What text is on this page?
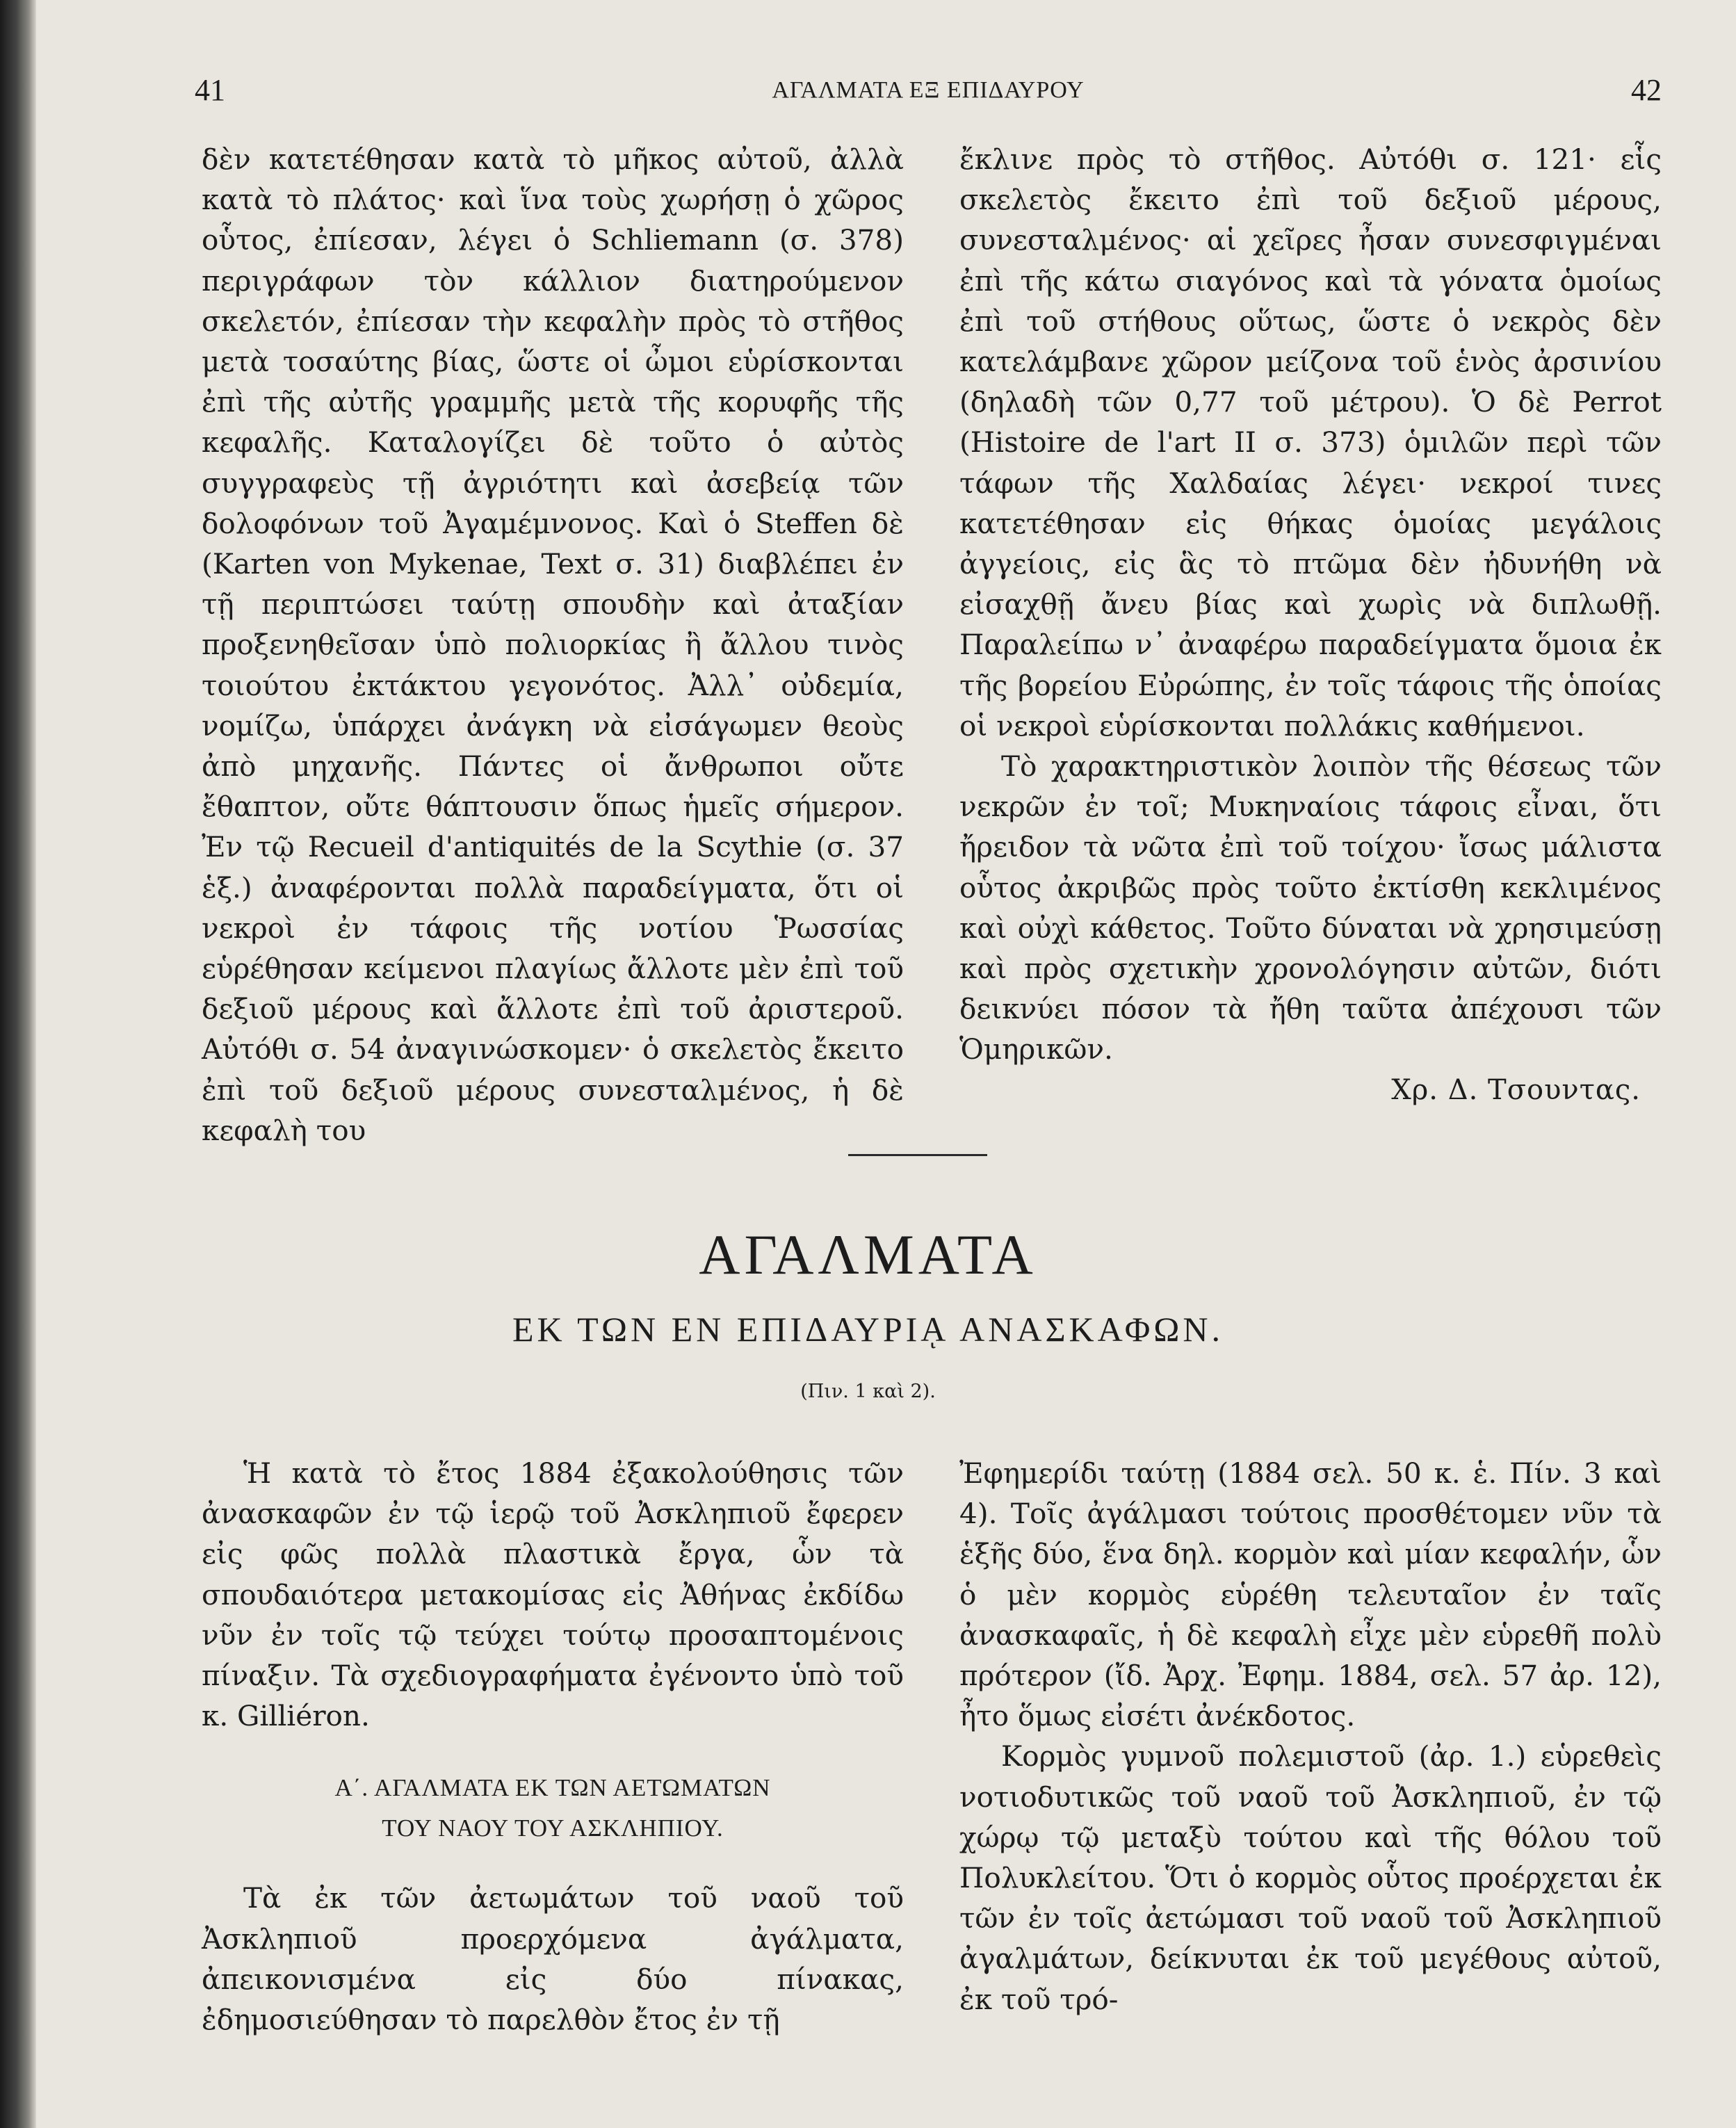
41	ΑΓΑΛΜΑΤΑ ΕΞ ΕΠΙΔΑΥΡΟΥ	42

δὲν κατετέθησαν κατὰ τὸ μῆκος αὐτοῦ, ἀλλὰ κατὰ τὸ πλάτος· καὶ ἵνα τοὺς χωρήσῃ ὁ χῶρος οὗτος, ἐπίεσαν, λέγει ὁ Schliemann (σ. 378) περιγράφων τὸν κάλλιον διατηρούμενον σκελετόν, ἐπίεσαν τὴν κεφαλὴν πρὸς τὸ στῆθος μετὰ τοσαύτης βίας, ὥστε οἱ ὦμοι εὑρίσκονται ἐπὶ τῆς αὐτῆς γραμμῆς μετὰ τῆς κορυφῆς τῆς κεφαλῆς. Καταλογίζει δὲ τοῦτο ὁ αὐτὸς συγγραφεὺς τῇ ἀγριότητι καὶ ἀσεβείᾳ τῶν δολοφόνων τοῦ Ἀγαμέμνονος. Καὶ ὁ Steffen δὲ (Karten von Mykenae, Text σ. 31) διαβλέπει ἐν τῇ περιπτώσει ταύτῃ σπουδὴν καὶ ἀταξίαν προξενηθεῖσαν ὑπὸ πολιορκίας ἢ ἄλλου τινὸς τοιούτου ἐκτάκτου γεγονότος. Ἀλλ᾽ οὐδεμία, νομίζω, ὑπάρχει ἀνάγκη νὰ εἰσάγωμεν θεοὺς ἀπὸ μηχανῆς. Πάντες οἱ ἄνθρωποι οὔτε ἔθαπτον, οὔτε θάπτουσιν ὅπως ἡμεῖς σήμερον. Ἐν τῷ Recueil d'antiquités de la Scythie (σ. 37 ἑξ.) ἀναφέρονται πολλὰ παραδείγματα, ὅτι οἱ νεκροὶ ἐν τάφοις τῆς νοτίου Ῥωσσίας εὑρέθησαν κείμενοι πλαγίως ἄλλοτε μὲν ἐπὶ τοῦ δεξιοῦ μέρους καὶ ἄλλοτε ἐπὶ τοῦ ἀριστεροῦ. Αὐτόθι σ. 54 ἀναγινώσκομεν· ὁ σκελετὸς ἔκειτο ἐπὶ τοῦ δεξιοῦ μέρους συνεσταλμένος, ἡ δὲ κεφαλὴ του

ἔκλινε πρὸς τὸ στῆθος. Αὐτόθι σ. 121· εἷς σκελετὸς ἔκειτο ἐπὶ τοῦ δεξιοῦ μέρους, συνεσταλμένος· αἱ χεῖρες ἦσαν συνεσφιγμέναι ἐπὶ τῆς κάτω σιαγόνος καὶ τὰ γόνατα ὁμοίως ἐπὶ τοῦ στήθους οὕτως, ὥστε ὁ νεκρὸς δὲν κατελάμβανε χῶρον μείζονα τοῦ ἑνὸς ἀρσινίου (δηλαδὴ τῶν 0,77 τοῦ μέτρου). Ὁ δὲ Perrot (Histoire de l'art II σ. 373) ὁμιλῶν περὶ τῶν τάφων τῆς Χαλδαίας λέγει· νεκροί τινες κατετέθησαν εἰς θήκας ὁμοίας μεγάλοις ἀγγείοις, εἰς ἃς τὸ πτῶμα δὲν ἠδυνήθη νὰ εἰσαχθῇ ἄνευ βίας καὶ χωρὶς νὰ διπλωθῇ. Παραλείπω ν᾽ ἀναφέρω παραδείγματα ὅμοια ἐκ τῆς βορείου Εὐρώπης, ἐν τοῖς τάφοις τῆς ὁποίας οἱ νεκροὶ εὑρίσκονται πολλάκις καθήμενοι.

Τὸ χαρακτηριστικὸν λοιπὸν τῆς θέσεως τῶν νεκρῶν ἐν τοῖ; Μυκηναίοις τάφοις εἶναι, ὅτι ἤρειδον τὰ νῶτα ἐπὶ τοῦ τοίχου· ἴσως μάλιστα οὗτος ἀκριβῶς πρὸς τοῦτο ἐκτίσθη κεκλιμένος καὶ οὐχὶ κάθετος. Τοῦτο δύναται νὰ χρησιμεύσῃ καὶ πρὸς σχετικὴν χρονολόγησιν αὐτῶν, διότι δεικνύει πόσον τὰ ἤθη ταῦτα ἀπέχουσι τῶν Ὁμηρικῶν.

Χρ. Δ. Τσουντας.

ΑΓΑΛΜΑΤΑ
ΕΚ ΤΩΝ ΕΝ ΕΠΙΔΑΥΡΙᾼ ΑΝΑΣΚΑΦΩΝ.
(Πιν. 1 καὶ 2).

Ἡ κατὰ τὸ ἔτος 1884 ἐξακολούθησις τῶν ἀνασκαφῶν ἐν τῷ ἱερῷ τοῦ Ἀσκληπιοῦ ἔφερεν εἰς φῶς πολλὰ πλαστικὰ ἔργα, ὧν τὰ σπουδαιότερα μετακομίσας εἰς Ἀθήνας ἐκδίδω νῦν ἐν τοῖς τῷ τεύχει τούτῳ προσαπτομένοις πίναξιν. Τὰ σχεδιογραφήματα ἐγένοντο ὑπὸ τοῦ κ. Gilliéron.

Α΄. ΑΓΑΛΜΑΤΑ ΕΚ ΤΩΝ ΑΕΤΩΜΑΤΩΝ
ΤΟΥ ΝΑΟΥ ΤΟΥ ΑΣΚΛΗΠΙΟΥ.

Τὰ ἐκ τῶν ἀετωμάτων τοῦ ναοῦ τοῦ Ἀσκληπιοῦ προερχόμενα ἀγάλματα, ἀπεικονισμένα εἰς δύο πίνακας, ἐδημοσιεύθησαν τὸ παρελθὸν ἔτος ἐν τῇ

Ἐφημερίδι ταύτῃ (1884 σελ. 50 κ. ἑ. Πίν. 3 καὶ 4). Τοῖς ἀγάλμασι τούτοις προσθέτομεν νῦν τὰ ἑξῆς δύο, ἕνα δηλ. κορμὸν καὶ μίαν κεφαλήν, ὧν ὁ μὲν κορμὸς εὑρέθη τελευταῖον ἐν ταῖς ἀνασκαφαῖς, ἡ δὲ κεφαλὴ εἶχε μὲν εὑρεθῆ πολὺ πρότερον (ἴδ. Ἀρχ. Ἐφημ. 1884, σελ. 57 ἀρ. 12), ἦτο ὅμως εἰσέτι ἀνέκδοτος.

Κορμὸς γυμνοῦ πολεμιστοῦ (ἀρ. 1.) εὑρεθεὶς νοτιοδυτικῶς τοῦ ναοῦ τοῦ Ἀσκληπιοῦ, ἐν τῷ χώρῳ τῷ μεταξὺ τούτου καὶ τῆς θόλου τοῦ Πολυκλείτου. Ὅτι ὁ κορμὸς οὗτος προέρχεται ἐκ τῶν ἐν τοῖς ἀετώμασι τοῦ ναοῦ τοῦ Ἀσκληπιοῦ ἀγαλμάτων, δείκνυται ἐκ τοῦ μεγέθους αὐτοῦ, ἐκ τοῦ τρό-
